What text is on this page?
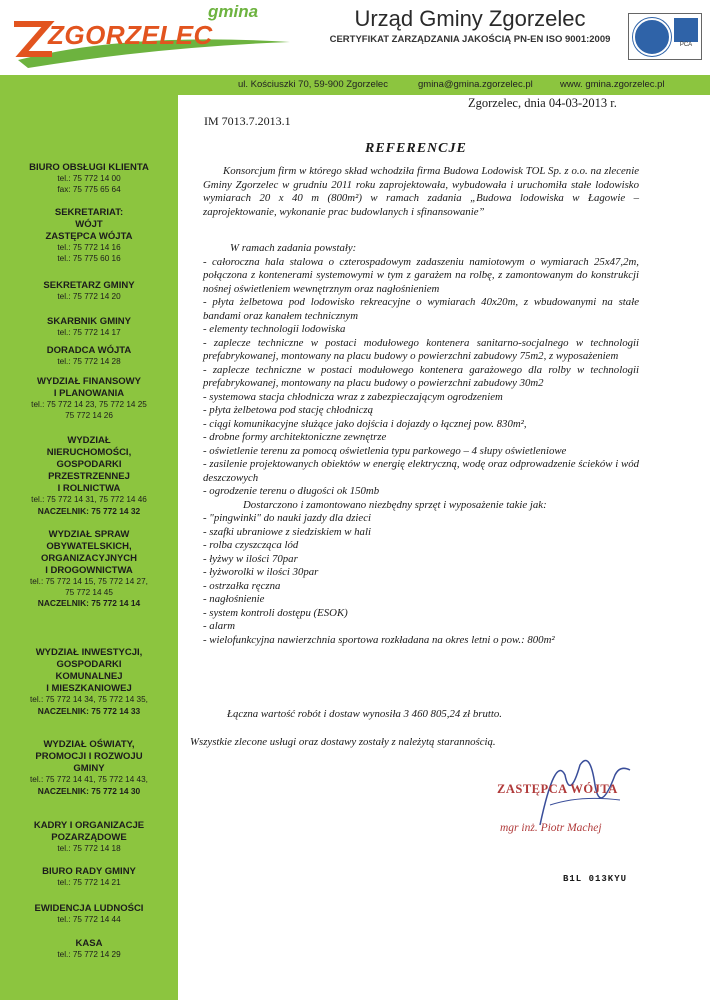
gmina
ZGORZELEC
Urząd Gminy Zgorzelec
CERTYFIKAT ZARZĄDZANIA JAKOŚCIĄ PN-EN ISO 9001:2009	PCA
ul. Kościuszki 70, 59-900 Zgorzelec	gmina@gmina.zgorzelec.pl	www. gmina.zgorzelec.pl
BIURO OBSŁUGI KLIENTA
tel.: 75 772 14 00
fax: 75 775 65 64
SEKRETARIAT:
WÓJT
ZASTĘPCA WÓJTA
tel.: 75 772 14 16
tel.: 75 775 60 16
SEKRETARZ GMINY
tel.: 75 772 14 20
SKARBNIK GMINY
tel.: 75 772 14 17
DORADCA WÓJTA
tel.: 75 772 14 28
WYDZIAŁ FINANSOWY
I PLANOWANIA
tel.: 75 772 14 23, 75 772 14 25
75 772 14 26
WYDZIAŁ
NIERUCHOMOŚCI,
GOSPODARKI
PRZESTRZENNEJ
I ROLNICTWA
tel.: 75 772 14 31, 75 772 14 46
NACZELNIK: 75 772 14 32
WYDZIAŁ SPRAW
OBYWATELSKICH,
ORGANIZACYJNYCH
I DROGOWNICTWA
tel.: 75 772 14 15, 75 772 14 27,
75 772 14 45
NACZELNIK: 75 772 14 14
WYDZIAŁ INWESTYCJI,
GOSPODARKI
KOMUNALNEJ
I MIESZKANIOWEJ
tel.: 75 772 14 34, 75 772 14 35,
NACZELNIK: 75 772 14 33
WYDZIAŁ OŚWIATY,
PROMOCJI I ROZWOJU
GMINY
tel.: 75 772 14 41, 75 772 14 43,
NACZELNIK: 75 772 14 30
KADRY I ORGANIZACJE
POZARZĄDOWE
tel.: 75 772 14 18
BIURO RADY GMINY
tel.: 75 772 14 21
EWIDENCJA LUDNOŚCI
tel.: 75 772 14 44
KASA
tel.: 75 772 14 29
Zgorzelec, dnia 04-03-2013 r.
IM 7013.7.2013.1
REFERENCJE
Konsorcjum firm w którego skład wchodziła firma Budowa Lodowisk TOL Sp. z o.o. na zlecenie Gminy Zgorzelec w grudniu 2011 roku zaprojektowała, wybudowała i uruchomiła stałe lodowisko wymiarach 20 x 40 m (800m²) w ramach zadania „Budowa lodowiska w Łagowie – zaprojektowanie, wykonanie prac budowlanych i sfinansowanie”
W ramach zadania powstały:
- całoroczna hala stalowa o czterospadowym zadaszeniu namiotowym o wymiarach 25x47,2m, połączona z kontenerami systemowymi w tym z garażem na rolbę, z zamontowanym do konstrukcji nośnej oświetleniem wewnętrznym oraz nagłośnieniem
- płyta żelbetowa pod lodowisko rekreacyjne o wymiarach 40x20m, z wbudowanymi na stałe bandami oraz kanałem technicznym
- elementy technologii lodowiska
- zaplecze techniczne w postaci modułowego kontenera sanitarno-socjalnego w technologii prefabrykowanej, montowany na placu budowy o powierzchni zabudowy 75m2, z wyposażeniem
- zaplecze techniczne w postaci modułowego kontenera garażowego dla rolby w technologii prefabrykowanej, montowany na placu budowy o powierzchni zabudowy 30m2
- systemowa stacja chłodnicza wraz z zabezpieczającym ogrodzeniem
- płyta żelbetowa pod stację chłodniczą
- ciągi komunikacyjne służące jako dojścia i dojazdy o łącznej pow. 830m²,
- drobne formy architektoniczne zewnętrze
- oświetlenie terenu za pomocą oświetlenia typu parkowego – 4 słupy oświetleniowe
- zasilenie projektowanych obiektów w energię elektryczną, wodę oraz odprowadzenie ścieków i wód deszczowych
- ogrodzenie terenu o długości ok 150mb
Dostarczono i zamontowano niezbędny sprzęt i wyposażenie takie jak:
- "pingwinki" do nauki jazdy dla dzieci
- szafki ubraniowe z siedziskiem w hali
- rolba czyszcząca lód
- łyżwy w ilości 70par
- łyżworolki w ilości 30par
- ostrzałka ręczna
- nagłośnienie
- system kontroli dostępu (ESOK)
- alarm
- wielofunkcyjna nawierzchnia sportowa rozkładana na okres letni o pow.: 800m²
Łączna wartość robót i dostaw wynosiła 3 460 805,24 zł brutto.
Wszystkie zlecone usługi oraz dostawy zostały z należytą starannością.
ZASTĘPCA WÓJTA
mgr inż. Piotr Machej
B1L 013KYU
